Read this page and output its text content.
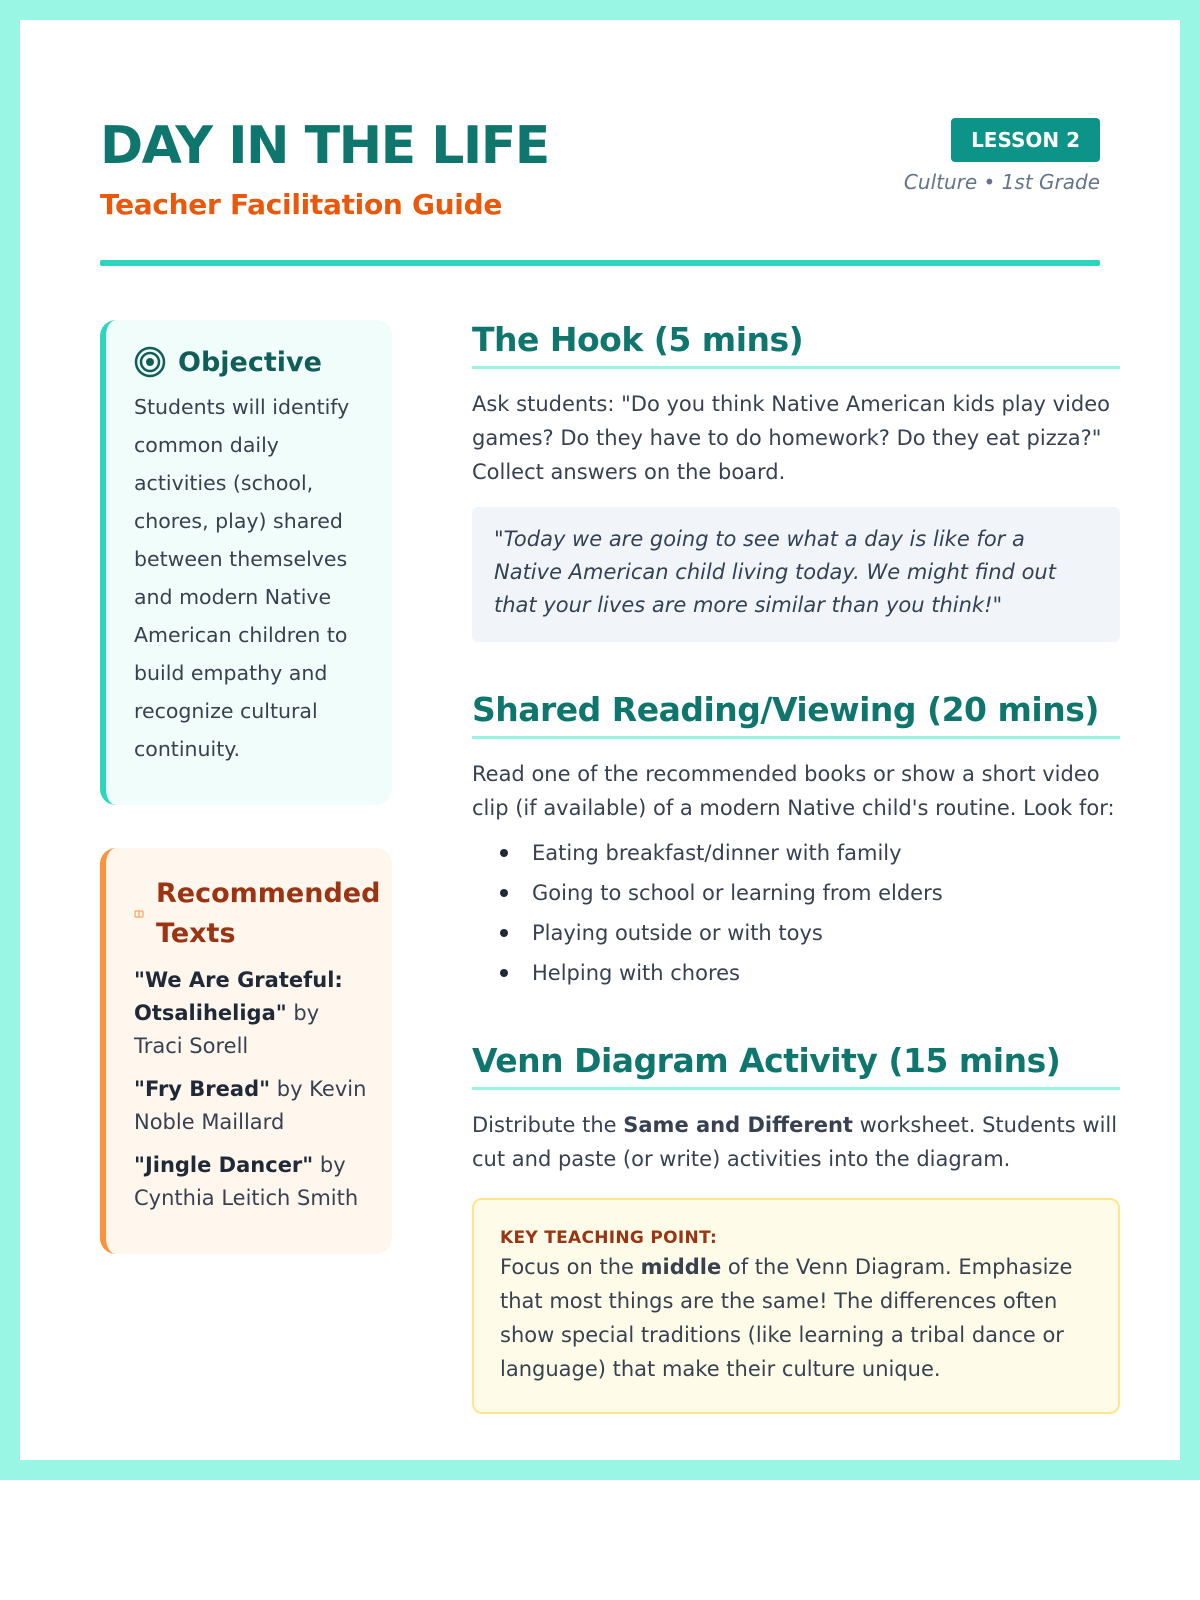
DAY IN THE LIFE
Teacher Facilitation Guide
LESSON 2
Culture • 1st Grade
Objective

Students will identify common daily activities (school, chores, play) shared between themselves and modern Native American children to build empathy and recognize cultural continuity.

Recommended Texts

"We Are Grateful: Otsaliheliga" by Traci Sorell

"Fry Bread" by Kevin Noble Maillard

"Jingle Dancer" by Cynthia Leitich Smith

The Hook (5 mins)

Ask students: "Do you think Native American kids play video games? Do they have to do homework? Do they eat pizza?" Collect answers on the board.

"Today we are going to see what a day is like for a Native American child living today. We might find out that your lives are more similar than you think!"
Shared Reading/Viewing (20 mins)

Read one of the recommended books or show a short video clip (if available) of a modern Native child's routine. Look for:

Eating breakfast/dinner with family
Going to school or learning from elders
Playing outside or with toys
Helping with chores
Venn Diagram Activity (15 mins)

Distribute the Same and Different worksheet. Students will cut and paste (or write) activities into the diagram.

KEY TEACHING POINT:

Focus on the middle of the Venn Diagram. Emphasize that most things are the same! The differences often show special traditions (like learning a tribal dance or language) that make their culture unique.
